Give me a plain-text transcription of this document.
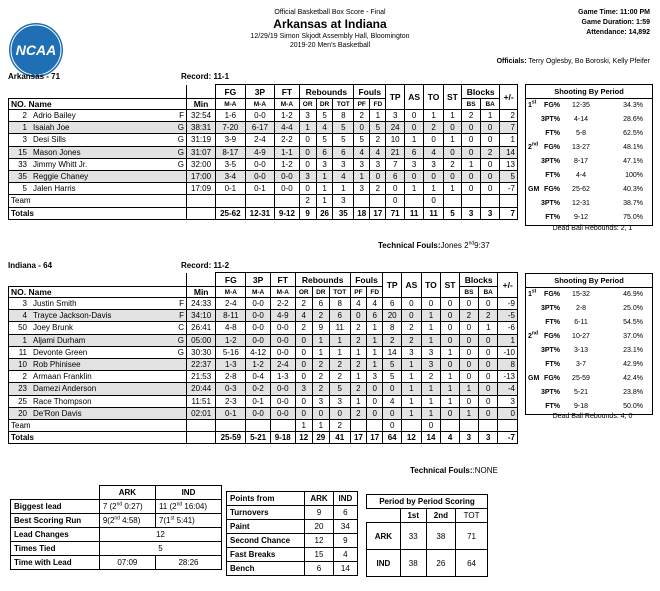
NCAA
Official Basketball Box Score - Final
Arkansas at Indiana
12/29/19 Simon Skjodt Assembly Hall, Bloomington
2019-20 Men's Basketball
Game Time: 11:00 PM
Game Duration: 1:59
Attendance: 14,892
Officials: Terry Oglesby, Bo Boroski, Kelly Pfeifer
Arkansas - 71	Record: 11-1
		FG	3P	FT	Rebounds			Fouls		TP	AS	TO	ST	Blocks		+/-
NO. Name	Min	M-A	M-A	M-A	OR	DR	TOT	PF	FD					BS	BA	
2 Adrio Bailey F	32:54	1-6	0-0	1-2	3	5	8	2	1	3	0	1	1	2	1	2
1 Isaiah Joe G	38:31	7-20	6-17	4-4	1	4	5	0	5	24	0	2	0	0	0	7
3 Desi Sills G	31:19	3-9	2-4	2-2	0	5	5	5	2	10	1	0	1	0	0	1
15 Mason Jones G	31:07	8-17	4-9	1-1	0	6	6	4	4	21	6	4	0	0	2	14
33 Jimmy Whitt Jr. G	32:00	3-5	0-0	1-2	0	3	3	3	3	7	3	3	2	1	0	13
35 Reggie Chaney	17:00	3-4	0-0	0-0	3	1	4	1	0	6	0	0	0	0	0	5
5 Jalen Harris	17:09	0-1	0-1	0-0	0	1	1	3	2	0	1	1	1	0	0	-7
Team					2	1	3			0		0				
Totals		25-62	12-31	9-12	9	26	35	18	17	71	11	11	5	3	3	7
Shooting By Period
1st	FG%	12-35	34.3%
3PT%	4-14	28.6%
FT%	5-8	62.5%
2nd FG%	13-27	48.1%
3PT%	8-17	47.1%
FT%	4-4	100%
GM FG%	25-62	40.3%
3PT%	12-31	38.7%
FT%	9-12	75.0%
Dead Ball Rebounds: 2, 1
Technical Fouls:Jones 2nd9:37
Indiana - 64	Record: 11-2
		FG	3P	FT	Rebounds			Fouls		TP	AS	TO	ST	Blocks		+/-
NO. Name	Min	M-A	M-A	M-A	OR	DR	TOT	PF	FD					BS	BA	
3 Justin Smith F	24:33	2-4	0-0	2-2	2	6	8	4	4	6	0	0	0	0	0	-9
4 Trayce Jackson-Davis F	34:10	8-11	0-0	4-9	4	2	6	0	6	20	0	1	0	2	2	-5
50 Joey Brunk C	26:41	4-8	0-0	0-0	2	9	11	2	1	8	2	1	0	0	1	-6
1 Aljami Durham G	05:00	1-2	0-0	0-0	0	1	1	2	1	2	2	1	0	0	0	1
11 Devonte Green G	30:30	5-16	4-12	0-0	0	1	1	1	1	14	3	3	1	0	0	-10
10 Rob Phinisee	22:37	1-3	1-2	2-4	0	2	2	2	1	5	1	3	0	0	0	8
2 Armaan Franklin	21:53	2-8	0-4	1-3	0	2	2	1	3	5	1	2	1	0	0	-13
23 Damezi Anderson	20:44	0-3	0-2	0-0	3	2	5	2	0	0	1	1	1	1	0	-4
25 Race Thompson	11:51	2-3	0-1	0-0	0	3	3	1	0	4	1	1	1	0	0	3
20 De'Ron Davis	02:01	0-1	0-0	0-0	0	0	0	2	0	0	1	1	0	1	0	0
Team					1	1	2			0		0				
Totals		25-59	5-21	9-18	12	29	41	17	17	64	12	14	4	3	3	-7
Shooting By Period
1st	FG%	15-32	46.9%
3PT%	2-8	25.0%
FT%	6-11	54.5%
2nd FG%	10-27	37.0%
3PT%	3-13	23.1%
FT%	3-7	42.9%
GM FG%	25-59	42.4%
3PT%	5-21	23.8%
FT%	9-18	50.0%
Dead Ball Rebounds: 4, 0
Technical Fouls::NONE
	ARK	IND
Biggest lead	7 (2nd 0:27)	11 (2nd 16:04)
Best Scoring Run	9(2nd 4:58)	7(1st 5:41)
Lead Changes	12	
Times Tied	5	
Time with Lead	07:09	28:26
Points from	ARK	IND
Turnovers	9	6
Paint	20	34
Second Chance	12	9
Fast Breaks	15	4
Bench	6	14
Period by Period Scoring			
	1st	2nd	TOT
ARK	33	38	71
IND	38	26	64
